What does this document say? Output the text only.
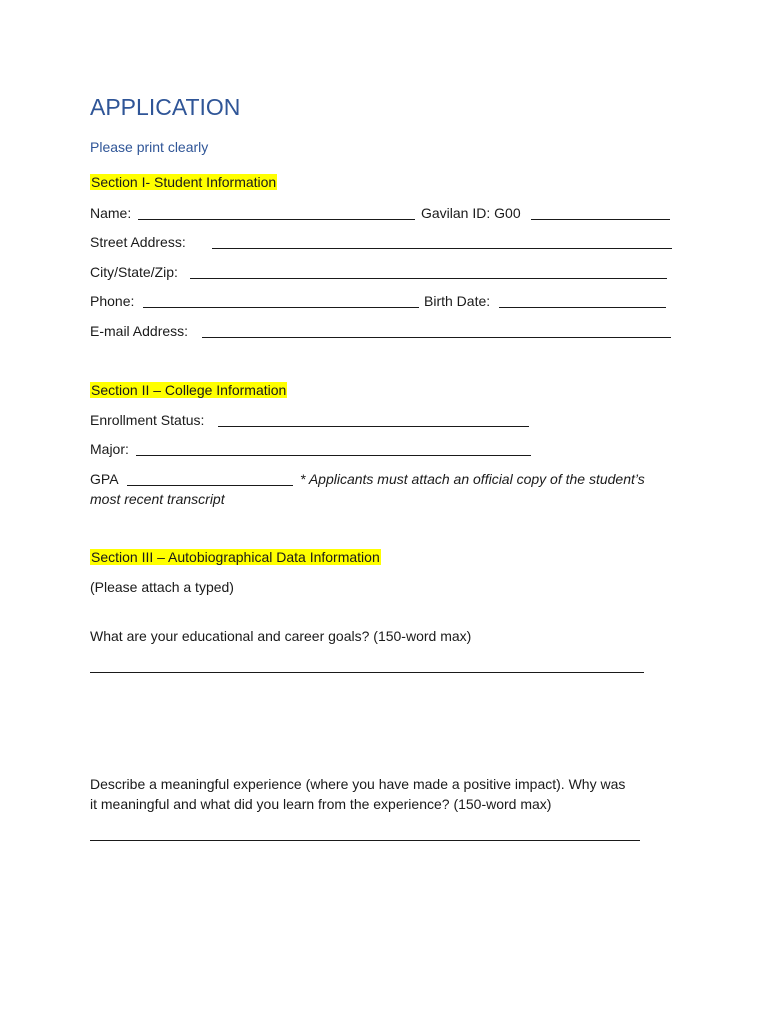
APPLICATION
Please print clearly
Section I- Student Information
Name:	Gavilan ID: G00
Street Address:
City/State/Zip:
Phone:	Birth Date:
E-mail Address:
Section II – College Information
Enrollment Status:
Major:
GPA	* Applicants must attach an official copy of the student’s
most recent transcript
Section III – Autobiographical Data Information
(Please attach a typed)
What are your educational and career goals? (150-word max)
Describe a meaningful experience (where you have made a positive impact). Why was
it meaningful and what did you learn from the experience? (150-word max)
